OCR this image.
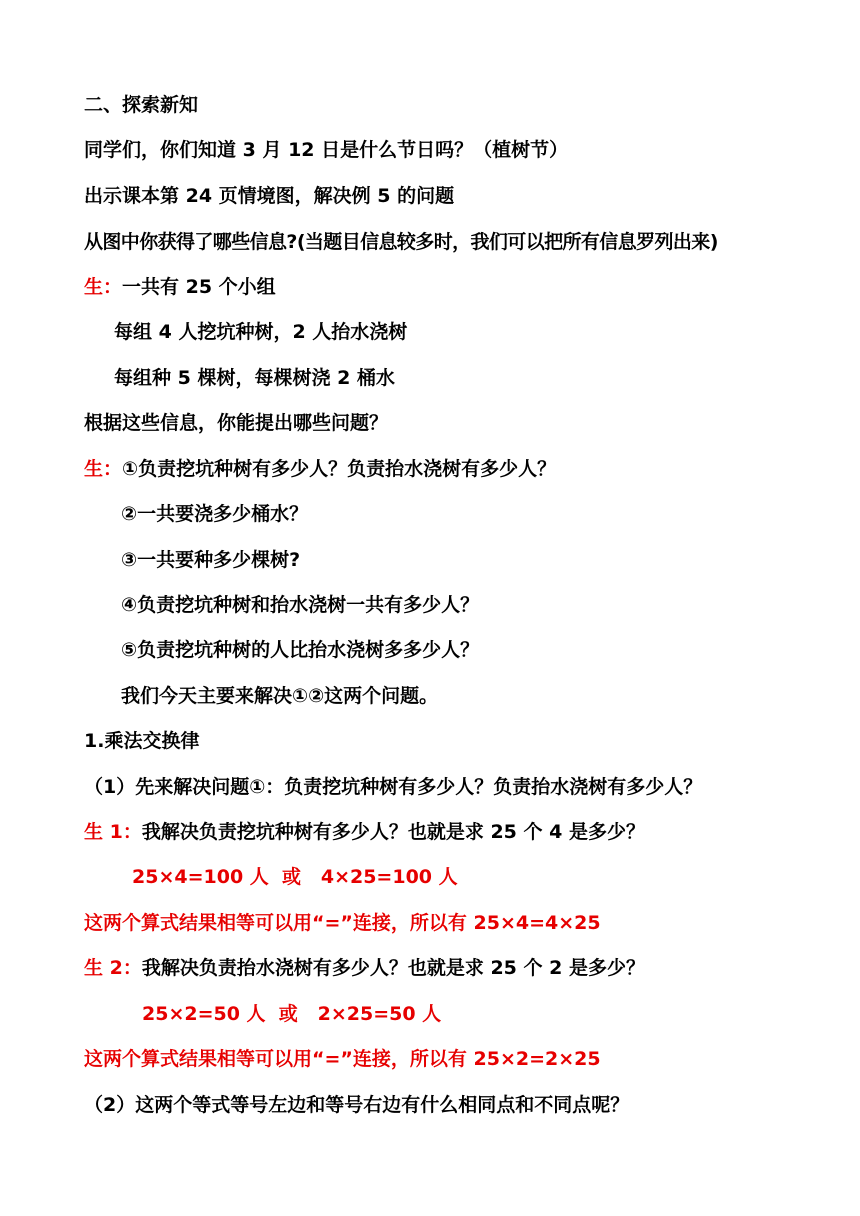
二、探索新知
同学们，你们知道 3 月 12 日是什么节日吗？（植树节）
出示课本第 24 页情境图，解决例 5 的问题
从图中你获得了哪些信息?(当题目信息较多时，我们可以把所有信息罗列出来)
生：一共有 25 个小组
每组 4 人挖坑种树，2 人抬水浇树
每组种 5 棵树，每棵树浇 2 桶水
根据这些信息，你能提出哪些问题？
生：①负责挖坑种树有多少人？负责抬水浇树有多少人？
②一共要浇多少桶水？
③一共要种多少棵树?
④负责挖坑种树和抬水浇树一共有多少人？
⑤负责挖坑种树的人比抬水浇树多多少人？
我们今天主要来解决①②这两个问题。
1.乘法交换律
（1）先来解决问题①：负责挖坑种树有多少人？负责抬水浇树有多少人？
生 1：我解决负责挖坑种树有多少人？也就是求 25 个 4 是多少？
25×4=100 人  或   4×25=100 人
这两个算式结果相等可以用“=”连接，所以有 25×4=4×25
生 2：我解决负责抬水浇树有多少人？也就是求 25 个 2 是多少？
25×2=50 人  或   2×25=50 人
这两个算式结果相等可以用“=”连接，所以有 25×2=2×25
（2）这两个等式等号左边和等号右边有什么相同点和不同点呢？
